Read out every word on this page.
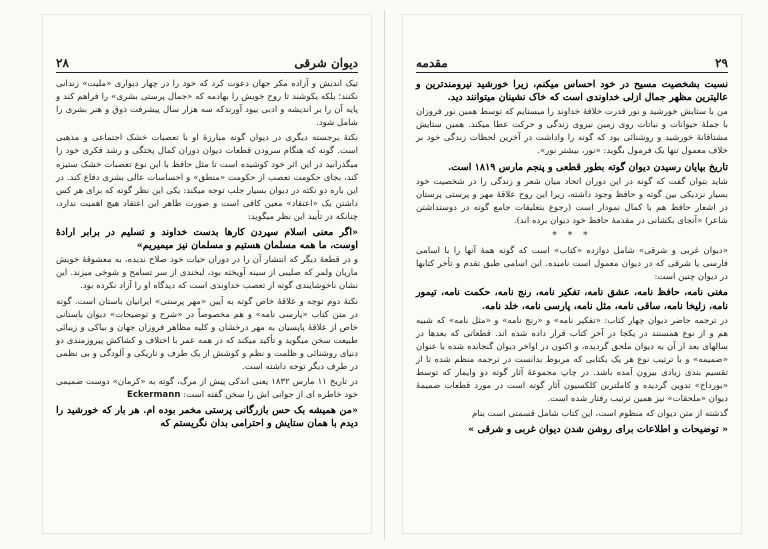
۲۸	دیوان شرقی

تیک اندیش و آزاده مکر جهان دعوت کرد که خود را در چهار دیواری «ملیت» زندانی نکنند؛ بلکه یکوشند تا روح خویش را بهادمه که «جمال پرستی بشری» را فراهم کند و پایه آن را بر اندیشه و ادبی بیود آورندکه سه هزار سال پیشرفت ذوق و هنر بشری را شامل شود.

نکتهٔ برجسته دیگری در دیوان گوته مبارزهٔ او با تعصبات خشک اجتماعی و مذهبی است. گوته که هنگام سرودن قطعات دیوان دوران کمال پختگی و رشد فکری خود را میگذرانید در این اثر خود کوشیده است تا مثل حافظ با این نوع تعصبات خشک ستیزه کند، بجای حکومت تعصب از حکومت «منطق» و احساسات عالی بشری دفاع کند. در این باره دو نکته در دیوان بسیار جلب توجه میکند: یکی این نظر گوته که برای هر کس داشتن یک «اعتقاد» معین کافی است و صورت ظاهر این اعتقاد هیچ اهمیت ندارد، چنانکه در تأیید این نظر میگوید:

«اگر معنی اسلام سپردن کارها بدست خداوند و تسلیم در برابر ارادهٔ اوست، ما همه مسلمان هستیم و مسلمان نیز میمیریم»

و در قطعهٔ دیگر که انتشار آن را در دوران حیات خود صلاح ندیده، به معشوقهٔ خویش ماریان ولمر که صلیبی از سینه آویخته بود، لبخندی از سر تسامح و شوخی میزند. این نشان ناخوشایندی گوته از تعصب خداوندی است که دیدگاه او را آزاد نکرده بود.

نکتهٔ دوم توجه و علاقهٔ خاص گوته به آیین «مهر پرستی» ایرانیان باستان است. گوته در متن کتاب «پارسی نامه» و هم مخصوصاً در «شرح و توضیحات» دیوان باستانی خاص از علاقهٔ پاپسیان به مهر درخشان و کلیه مظاهر فروزان جهان و بیاکی و زیبائی طبیعت سخن میگوید و تأکید میکند که در همه عمر با اختلاف و کشاکش پیروزمندی دو دنیای روشنائی و ظلمت و نظم و کوشش از یک طرف و تاریکی و آلودگی و بی نظمی در طرف دیگر توجه داشته است.

در تاریخ ۱۱ مارس ۱۸۳۲ یعنی اندکی پیش از مرگ، گوته به «کرمان» دوست صمیمی خود خاطره ای از جوانی اش را سخن گفته است: Eckermann

«من همیشه بک حس بازرگانی پرستی مخمر بوده ام. هر بار که خورشید را دیدم با همان ستایش و احترامی بدان نگریستم که

مقدمه	۲۹

نسبت بشخصیت مسیح در خود احساس میکنم، زیرا خورشید نیرومندترین و عالیترین مظهر جمال ازلی خداوندی است که خاک نشینان میتوانند دید.

من با ستایش خورشید و نور قدرت خلاقهٔ خداوند را میستایم که توسط همین نور فروزان با جملهٔ حیوانات و نباتات روی زمین نیروی زندگی و حرکت عطا میکند. همین ستایش مشتاقانهٔ خورشید و روشنائی بود که گوته را واداشت در آخرین لحظات زندگی خود بر خلاف معمول تنها یک فرمول بگوید: «نور، بیشتر نور».

تاریخ بپایان رسیدن دیوان گوته بطور قطعی و پنجم مارس ۱۸۱۹ است.

شاید بتوان گفت که گوته در این دوران اتحاد میان شعر و زندگی را در شخصیت خود بسیار نزدیکی بین گوته و حافظ وجود داشته، زیرا این روح علاقهٔ مهر و پرستی پرستان در اشعار حافظ هم با کمال نمودار است (رجوع بتعلیقات جامع گوته در دوستداشتن شاعر) «آنجای بکشانی در مقدمهٔ حافظ خود دیوان برده اند).

* * *

«دیوان غربی و شرقی» شامل دوازده «کتاب» است که گوته همهٔ آنها را با اسامی فارسی یا شرقی که در دیوان معمول است نامیده. این اسامی طبق تقدم و تأخر کتابها در دیوان چنین است:

مغنی نامه، حافظ نامه، عشق نامه، تفکیر نامه، رنج نامه، حکمت نامه، تیمور نامه، زلیخا نامه، ساقی نامه، مثل نامه، پارسی نامه، خلد نامه.

در ترجمه حاضر دیوان چهار کتاب: «تفکیر نامه» و «رنج نامه» و «مثل نامه» که شبیه هم و از نوع همسنند در یکجا در آخر کتاب قرار داده شده اند. قطعاتی که بعدها در سالهای بعد از آن به دیوان ملحق گردیده، و اکنون در اواخر دیوان گنجانده شده با عنوان «ضمیمه» و با ترتیب نوع هر یک بکتابی که مربوط بدانست در ترجمه منظم شده تا از تقسیم بندی زیادی بیرون آمده باشد. در چاپ مجموعهٔ آثار گوته دو وایمار که توسط «بورداخ» تدوین گردیده و کاملترین کلکسیون آثار گوته است در مورد قطعات ضمیمهٔ دیوان «ملحقات» نیز همین ترتیب رفتار شده است.

گذشته از متن دیوان که منظوم است، این کتاب شامل قسمتی است بنام

« توضیحات و اطلاعات برای روشن شدن دیوان غربی و شرقی »
